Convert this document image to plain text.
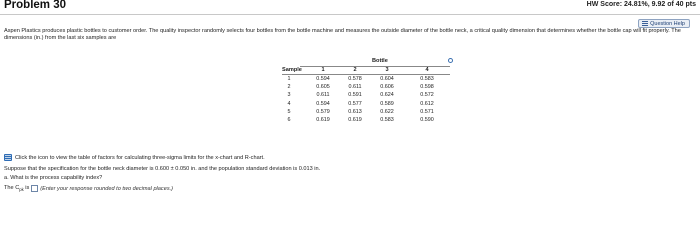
Problem 30	HW Score: 24.81%, 9.92 of 40 pts
Question Help
Aspen Plastics produces plastic bottles to customer order. The quality inspector randomly selects four bottles from the bottle machine and measures the outside diameter of the bottle neck, a critical quality dimension that determines whether the bottle cap will fit properly. The dimensions (in.) from the last six samples are
Bottle
Sample	1	2	3	4
1	0.594	0.578	0.604	0.583
2	0.605	0.611	0.606	0.598
3	0.611	0.591	0.624	0.572
4	0.594	0.577	0.589	0.612
5	0.579	0.613	0.622	0.571
6	0.619	0.619	0.583	0.590
Click the icon to view the table of factors for calculating three-sigma limits for the x-chart and R-chart.
Suppose that the specification for the bottle neck diameter is 0.600 ± 0.050 in. and the population standard deviation is 0.013 in.
a. What is the process capability index?
The $C_{pk}$ is (Enter your response rounded to two decimal places.)
